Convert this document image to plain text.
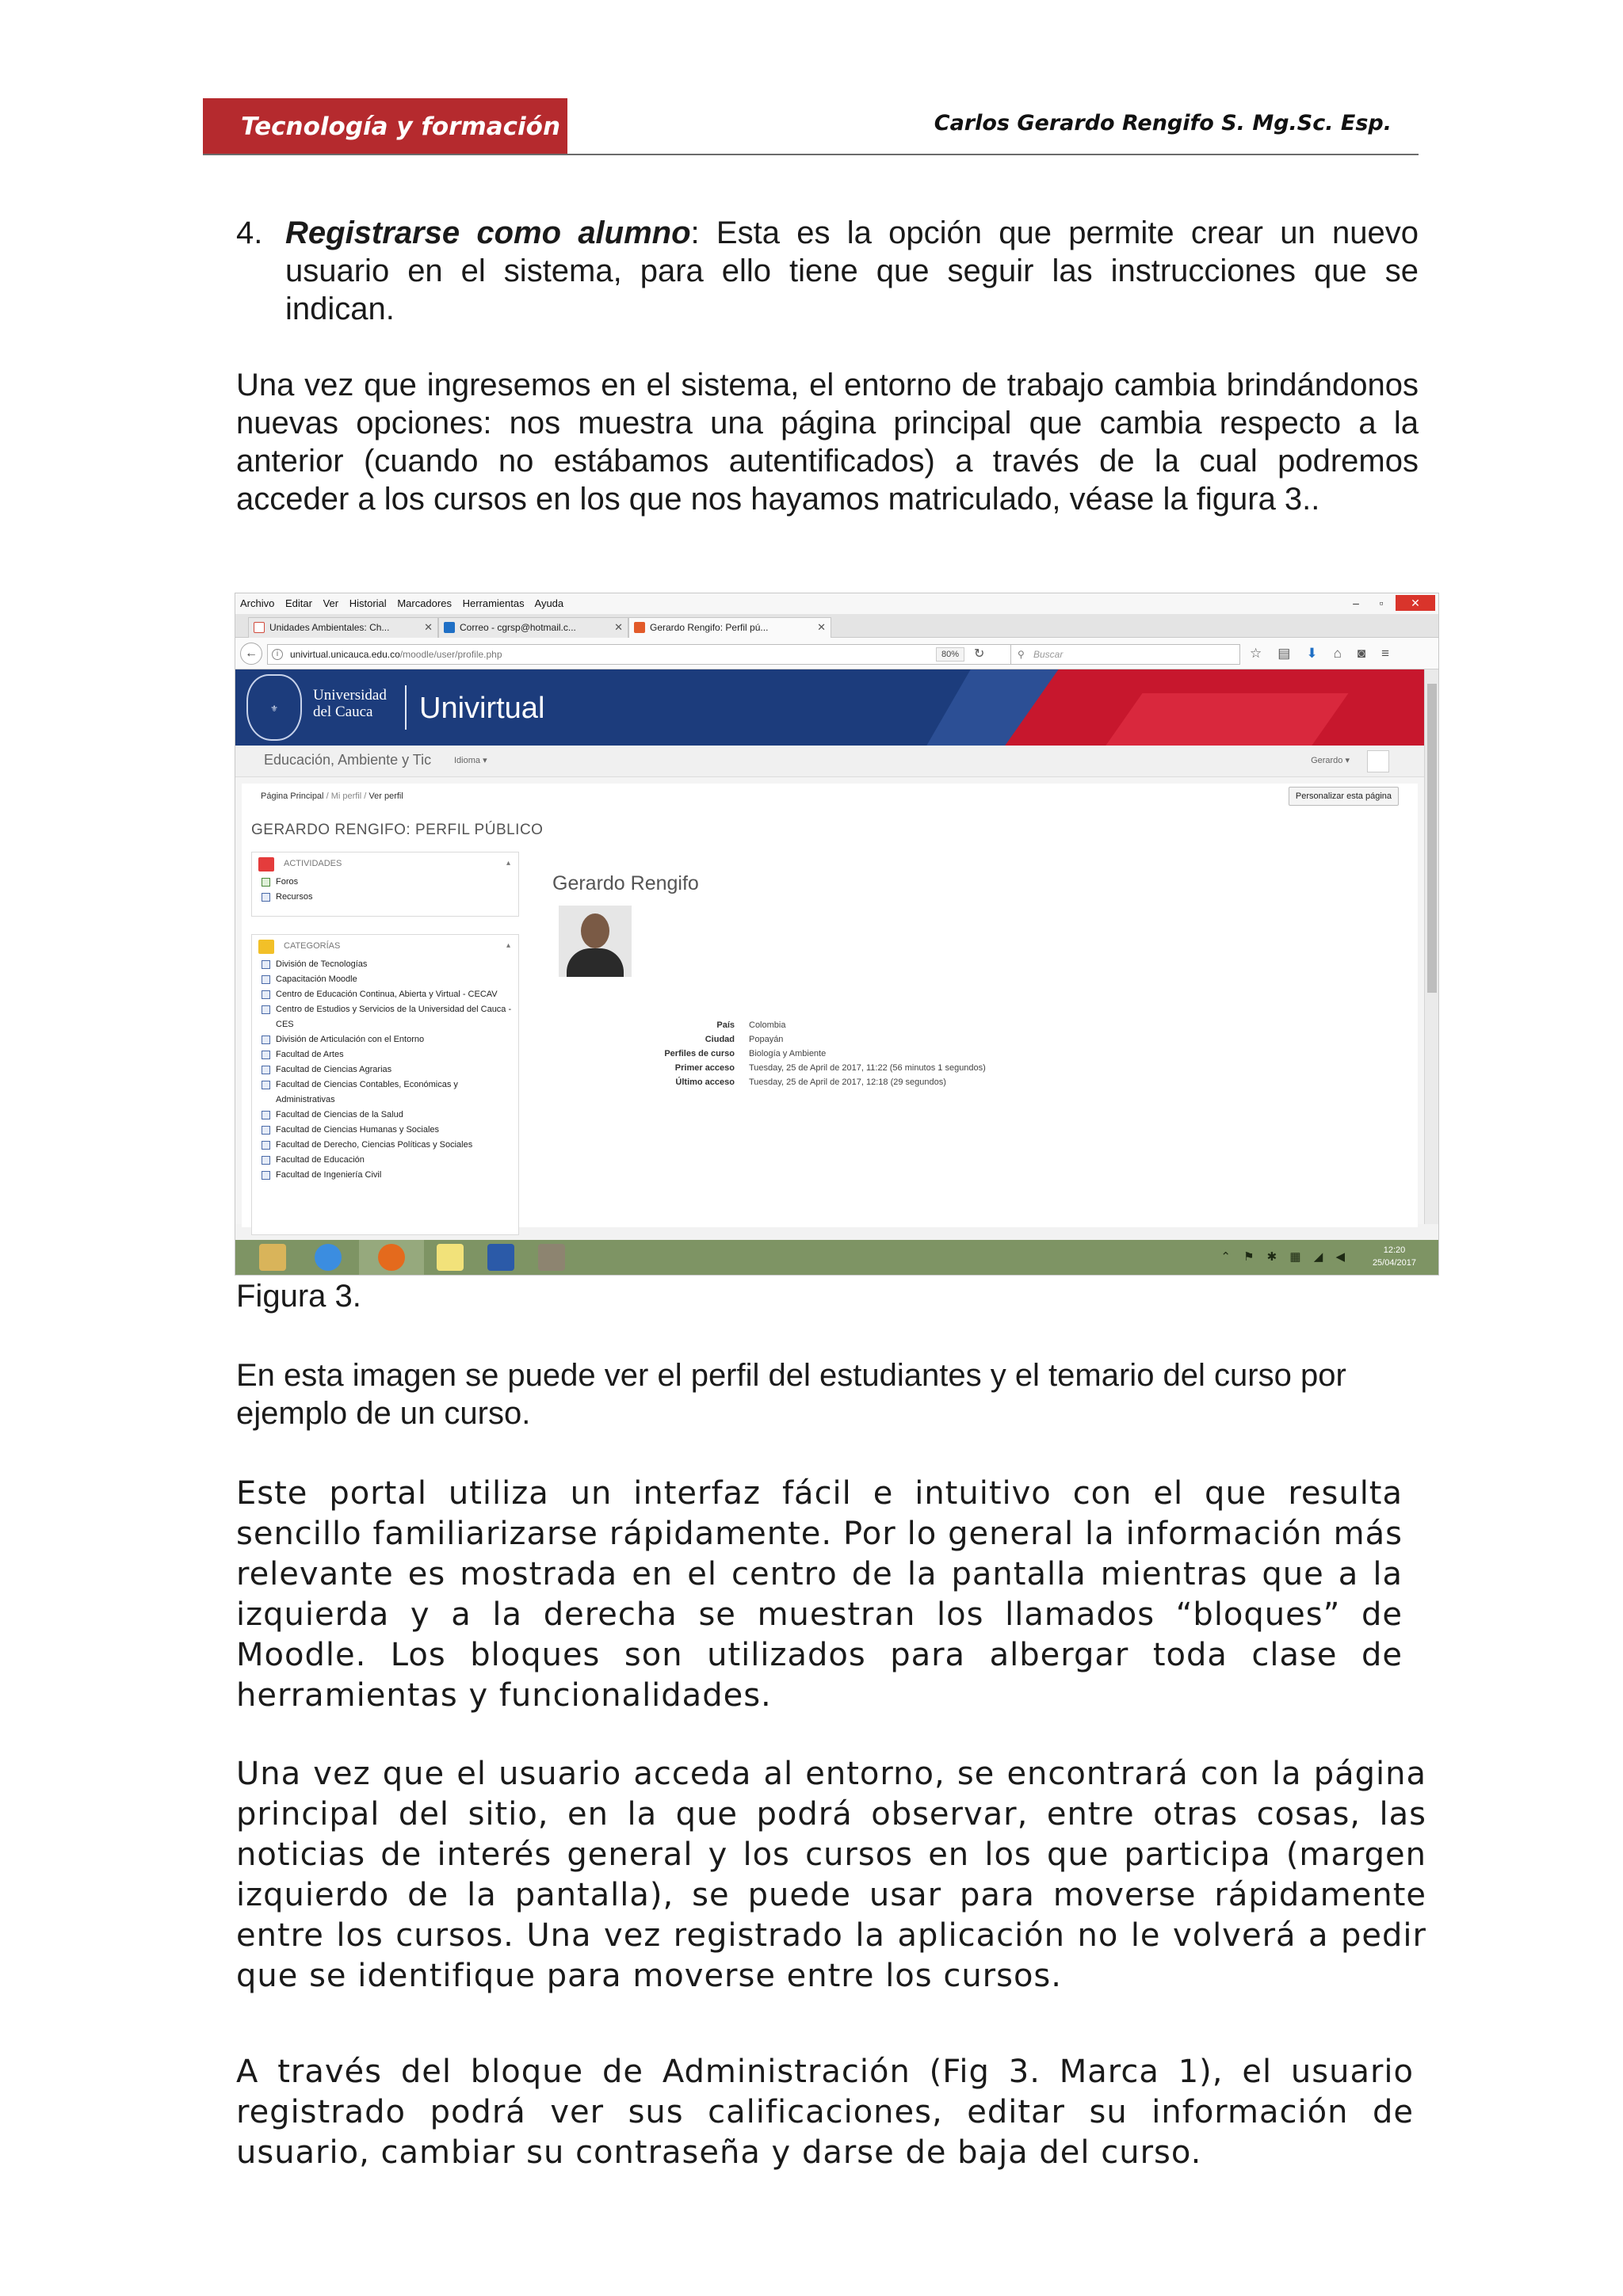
Tecnología y formación	Carlos Gerardo Rengifo S. Mg.Sc. Esp.
4. Registrarse como alumno: Esta es la opción que permite crear un nuevo usuario en el sistema, para ello tiene que seguir las instrucciones que se indican.

Una vez que ingresemos en el sistema, el entorno de trabajo cambia brindándonos nuevas opciones: nos muestra una página principal que cambia respecto a la anterior (cuando no estábamos autentificados) a través de la cual podremos acceder a los cursos en los que nos hayamos matriculado, véase la figura 3..

Archivo Editar Ver Historial Marcadores Herramientas Ayuda	–	▫	✕
Unidades Ambientales: Ch...	✕	Correo - cgrsp@hotmail.c...	✕	Gerardo Rengifo: Perfil pú...	✕
←	univirtual.unicauca.edu.co/moodle/user/profile.php
i	80%	↻	⚲ Buscar	☆ ▤ ⬇ ⌂ ◙ ≡
⚜
Universidad
del Cauca	Univirtual
Educación, Ambiente y Tic	Idioma ▾	Gerardo ▾
Página Principal / Mi perfil / Ver perfil	Personalizar esta página
GERARDO RENGIFO: PERFIL PÚBLICO
ACTIVIDADES	▴
Foros
Recursos
CATEGORÍAS	▴
División de Tecnologías
Capacitación Moodle
Centro de Educación Continua, Abierta y Virtual - CECAV
Centro de Estudios y Servicios de la Universidad del Cauca - CES
División de Articulación con el Entorno
Facultad de Artes
Facultad de Ciencias Agrarias
Facultad de Ciencias Contables, Económicas y Administrativas
Facultad de Ciencias de la Salud
Facultad de Ciencias Humanas y Sociales
Facultad de Derecho, Ciencias Políticas y Sociales
Facultad de Educación
Facultad de Ingeniería Civil
Gerardo Rengifo
País	Colombia
Ciudad	Popayán
Perfiles de curso	Biología y Ambiente
Primer acceso	Tuesday, 25 de April de 2017, 11:22 (56 minutos 1 segundos)
Último acceso	Tuesday, 25 de April de 2017, 12:18 (29 segundos)
⌃ ⚑ ✱ ▦ ◢ ◀	12:20
25/04/2017
Figura 3.

En esta imagen se puede ver el perfil del estudiantes y el temario del curso por ejemplo de un curso.

Este portal utiliza un interfaz fácil e intuitivo con el que resulta sencillo familiarizarse rápidamente. Por lo general la información más relevante es mostrada en el centro de la pantalla mientras que a la izquierda y a la derecha se muestran los llamados “bloques” de Moodle. Los bloques son utilizados para albergar toda clase de herramientas y funcionalidades.

Una vez que el usuario acceda al entorno, se encontrará con la página principal del sitio, en la que podrá observar, entre otras cosas, las noticias de interés general y los cursos en los que participa (margen izquierdo de la pantalla), se puede usar para moverse rápidamente entre los cursos. Una vez registrado la aplicación no le volverá a pedir que se identifique para moverse entre los cursos.

A través del bloque de Administración (Fig 3. Marca 1), el usuario registrado podrá ver sus calificaciones, editar su información de usuario, cambiar su contraseña y darse de baja del curso.
